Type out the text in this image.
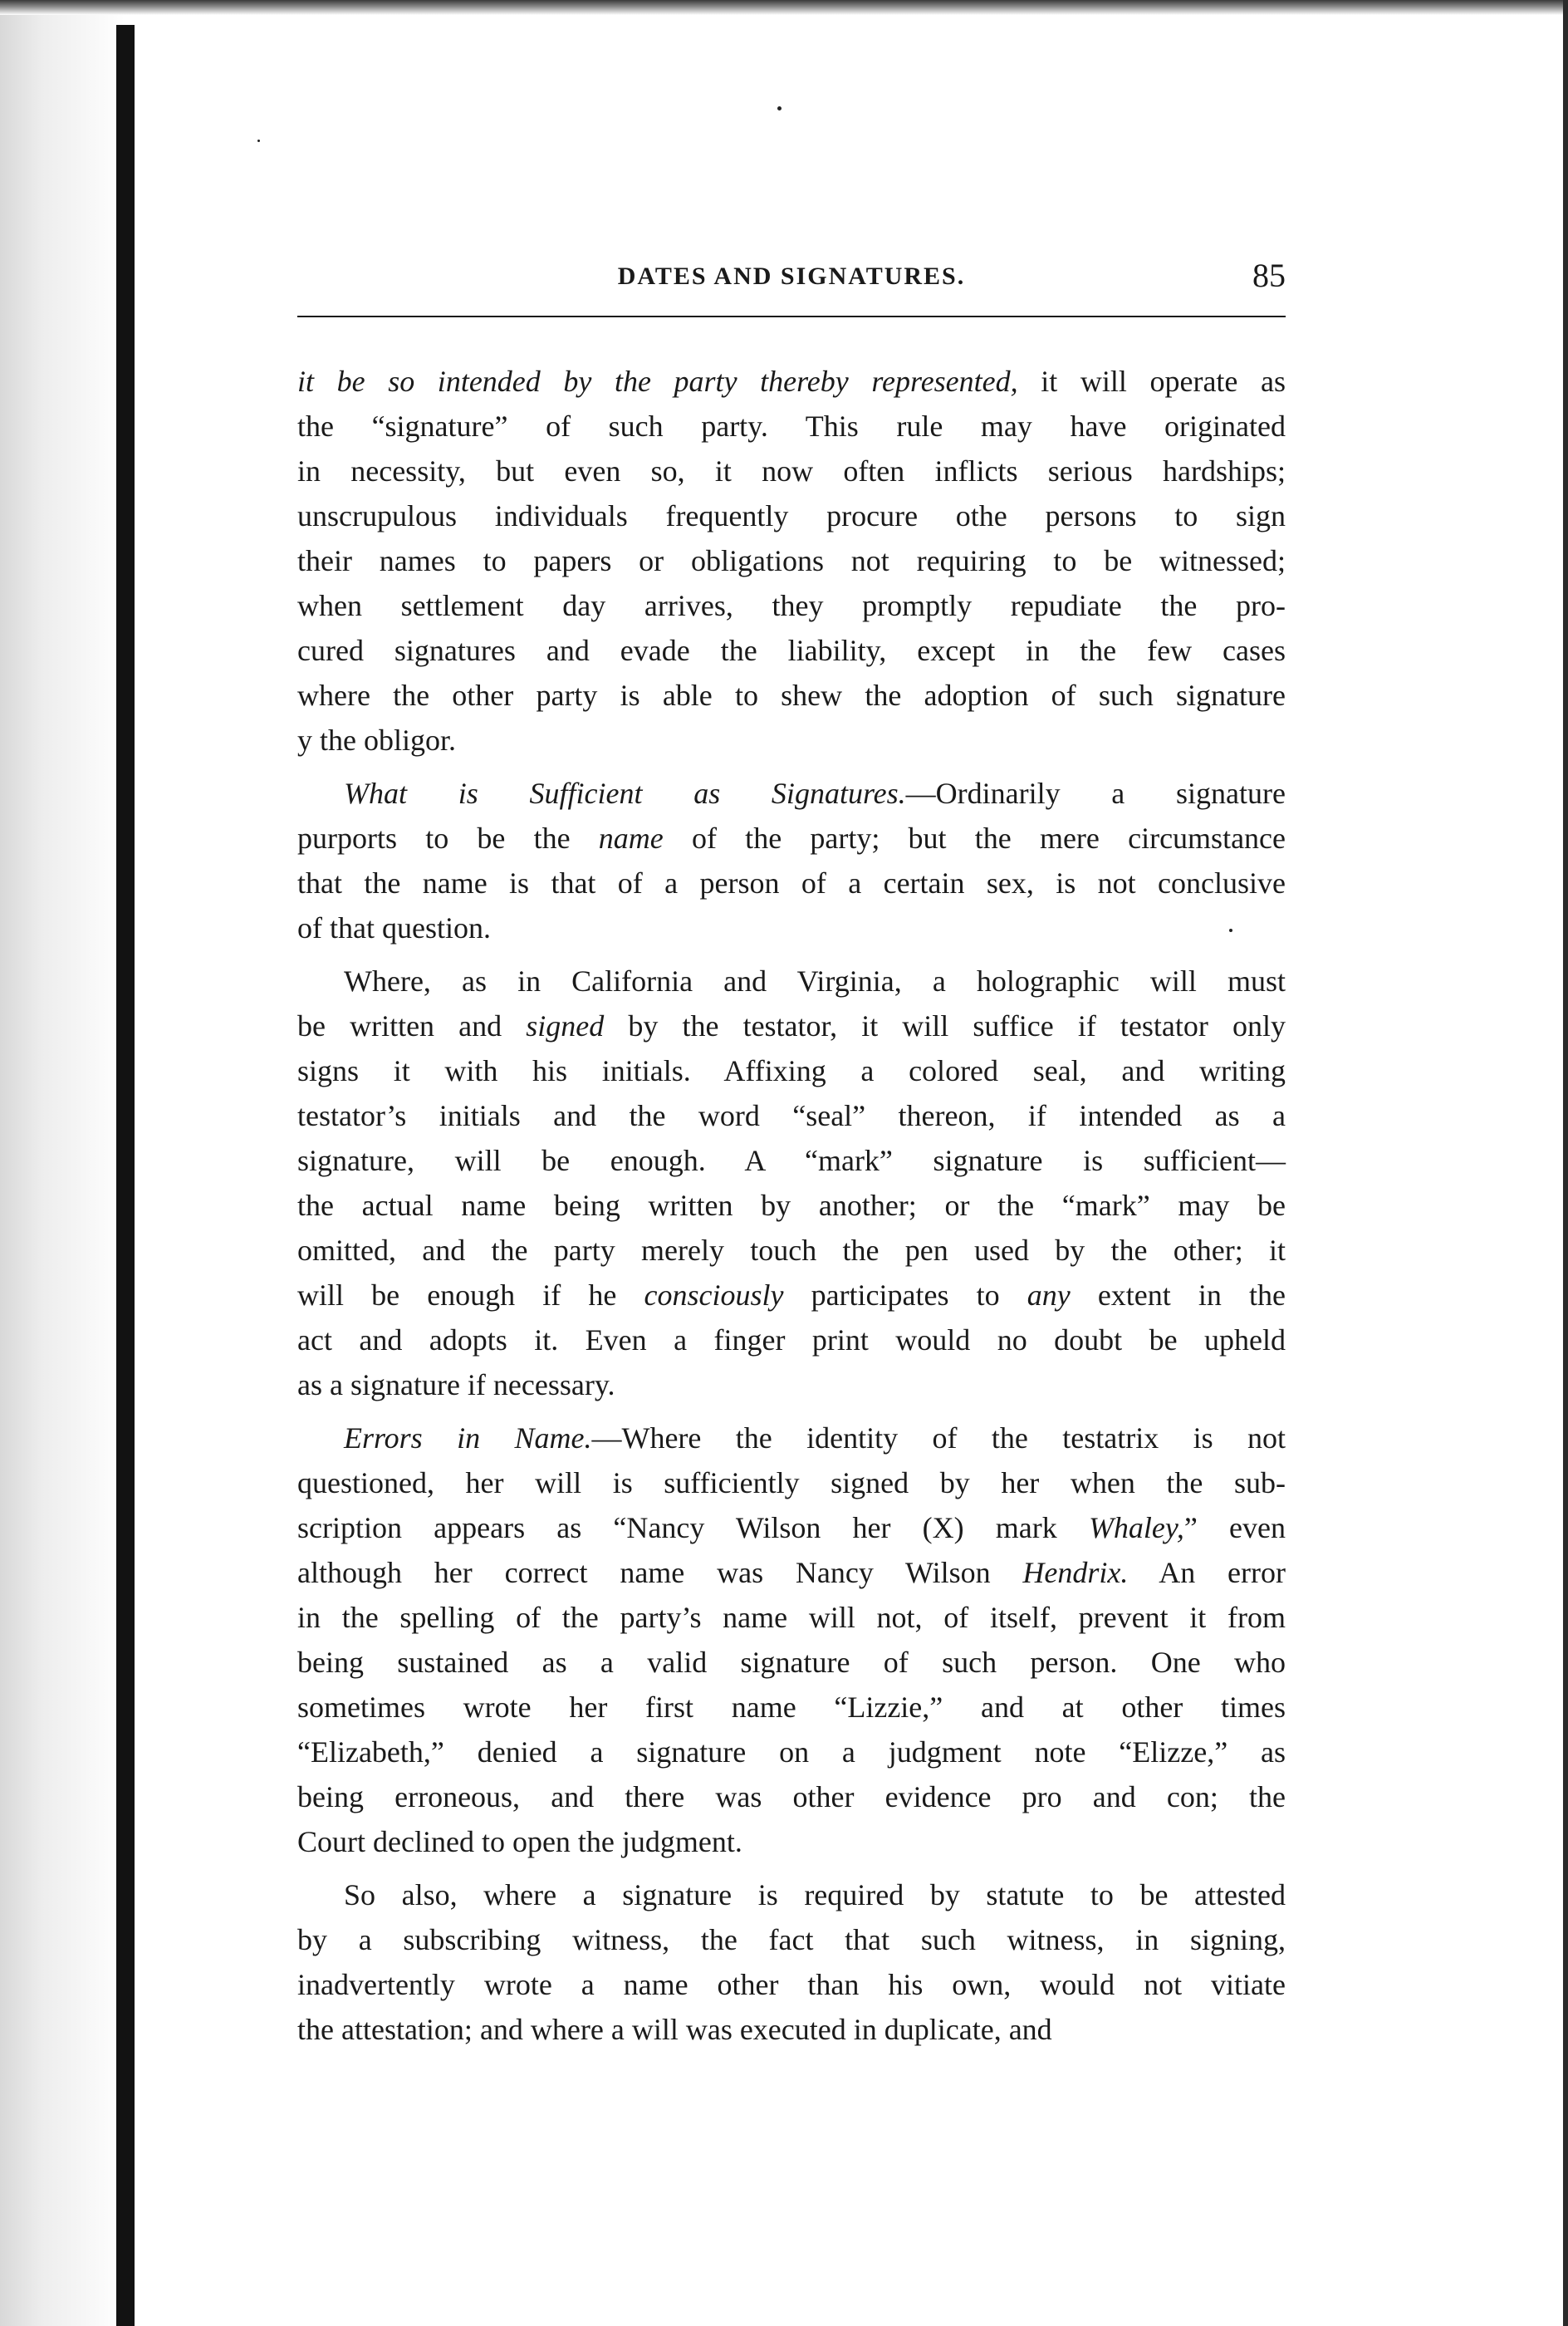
DATES AND SIGNATURES.	85
it be so intended by the party thereby represented, it will operate as
the “signature” of such party. This rule may have originated
in necessity, but even so, it now often inflicts serious hardships;
unscrupulous individuals frequently procure othe persons to sign
their names to papers or obligations not requiring to be witnessed;
when settlement day arrives, they promptly repudiate the pro-
cured signatures and evade the liability, except in the few cases
where the other party is able to shew the adoption of such signature
y the obligor.
What is Sufficient as Signatures.—Ordinarily a signature
purports to be the name of the party; but the mere circumstance
that the name is that of a person of a certain sex, is not conclusive
of that question.
Where, as in California and Virginia, a holographic will must
be written and signed by the testator, it will suffice if testator only
signs it with his initials. Affixing a colored seal, and writing
testator’s initials and the word “seal” thereon, if intended as a
signature, will be enough. A “mark” signature is sufficient—
the actual name being written by another; or the “mark” may be
omitted, and the party merely touch the pen used by the other; it
will be enough if he consciously participates to any extent in the
act and adopts it. Even a finger print would no doubt be upheld
as a signature if necessary.
Errors in Name.—Where the identity of the testatrix is not
questioned, her will is sufficiently signed by her when the sub-
scription appears as “Nancy Wilson her (X) mark Whaley,” even
although her correct name was Nancy Wilson Hendrix. An error
in the spelling of the party’s name will not, of itself, prevent it from
being sustained as a valid signature of such person. One who
sometimes wrote her first name “Lizzie,” and at other times
“Elizabeth,” denied a signature on a judgment note “Elizze,” as
being erroneous, and there was other evidence pro and con; the
Court declined to open the judgment.
So also, where a signature is required by statute to be attested
by a subscribing witness, the fact that such witness, in signing,
inadvertently wrote a name other than his own, would not vitiate
the attestation; and where a will was executed in duplicate, and
